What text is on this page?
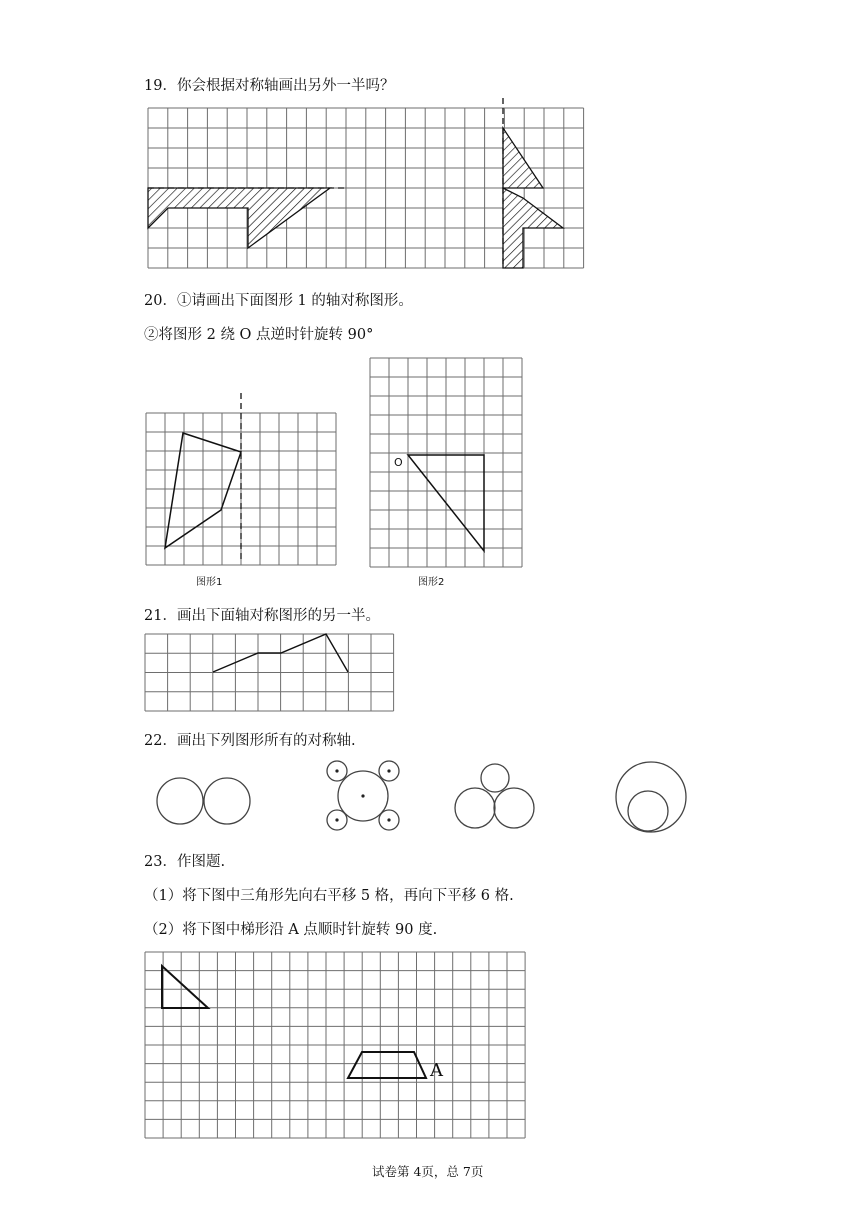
19．你会根据对称轴画出另外一半吗？
20．①请画出下面图形 1 的轴对称图形。
②将图形 2 绕 O 点逆时针旋转 90°
O
图形1	图形2
21．画出下面轴对称图形的另一半。
22．画出下列图形所有的对称轴.
23．作图题.
（1）将下图中三角形先向右平移 5 格，再向下平移 6 格.
（2）将下图中梯形沿 A 点顺时针旋转 90 度.
A
试卷第 4页，总 7页
